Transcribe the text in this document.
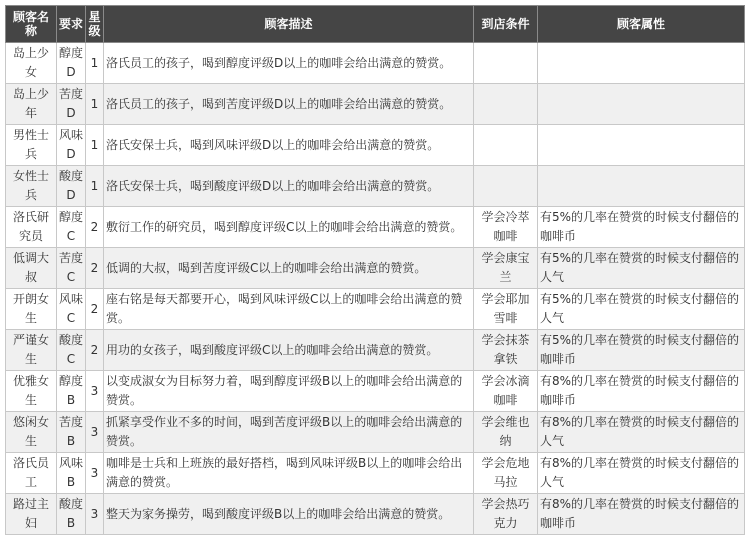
顾客名称	要求	星级	顾客描述	到店条件	顾客属性
岛上少女	醇度D	1	洛氏员工的孩子，喝到醇度评级D以上的咖啡会给出满意的赞赏。		
岛上少年	苦度D	1	洛氏员工的孩子，喝到苦度评级D以上的咖啡会给出满意的赞赏。		
男性士兵	风味D	1	洛氏安保士兵，喝到风味评级D以上的咖啡会给出满意的赞赏。		
女性士兵	酸度D	1	洛氏安保士兵，喝到酸度评级D以上的咖啡会给出满意的赞赏。		
洛氏研究员	醇度C	2	敷衍工作的研究员，喝到醇度评级C以上的咖啡会给出满意的赞赏。	学会冷萃咖啡	有5%的几率在赞赏的时候支付翻倍的咖啡币
低调大叔	苦度C	2	低调的大叔，喝到苦度评级C以上的咖啡会给出满意的赞赏。	学会康宝兰	有5%的几率在赞赏的时候支付翻倍的人气
开朗女生	风味C	2	座右铭是每天都要开心，喝到风味评级C以上的咖啡会给出满意的赞赏。	学会耶加雪啡	有5%的几率在赞赏的时候支付翻倍的人气
严谨女生	酸度C	2	用功的女孩子，喝到酸度评级C以上的咖啡会给出满意的赞赏。	学会抹茶拿铁	有5%的几率在赞赏的时候支付翻倍的咖啡币
优雅女生	醇度B	3	以变成淑女为目标努力着，喝到醇度评级B以上的咖啡会给出满意的赞赏。	学会冰滴咖啡	有8%的几率在赞赏的时候支付翻倍的咖啡币
悠闲女生	苦度B	3	抓紧享受作业不多的时间，喝到苦度评级B以上的咖啡会给出满意的赞赏。	学会维也纳	有8%的几率在赞赏的时候支付翻倍的人气
洛氏员工	风味B	3	咖啡是士兵和上班族的最好搭档，喝到风味评级B以上的咖啡会给出满意的赞赏。	学会危地马拉	有8%的几率在赞赏的时候支付翻倍的人气
路过主妇	酸度B	3	整天为家务操劳，喝到酸度评级B以上的咖啡会给出满意的赞赏。	学会热巧克力	有8%的几率在赞赏的时候支付翻倍的咖啡币
